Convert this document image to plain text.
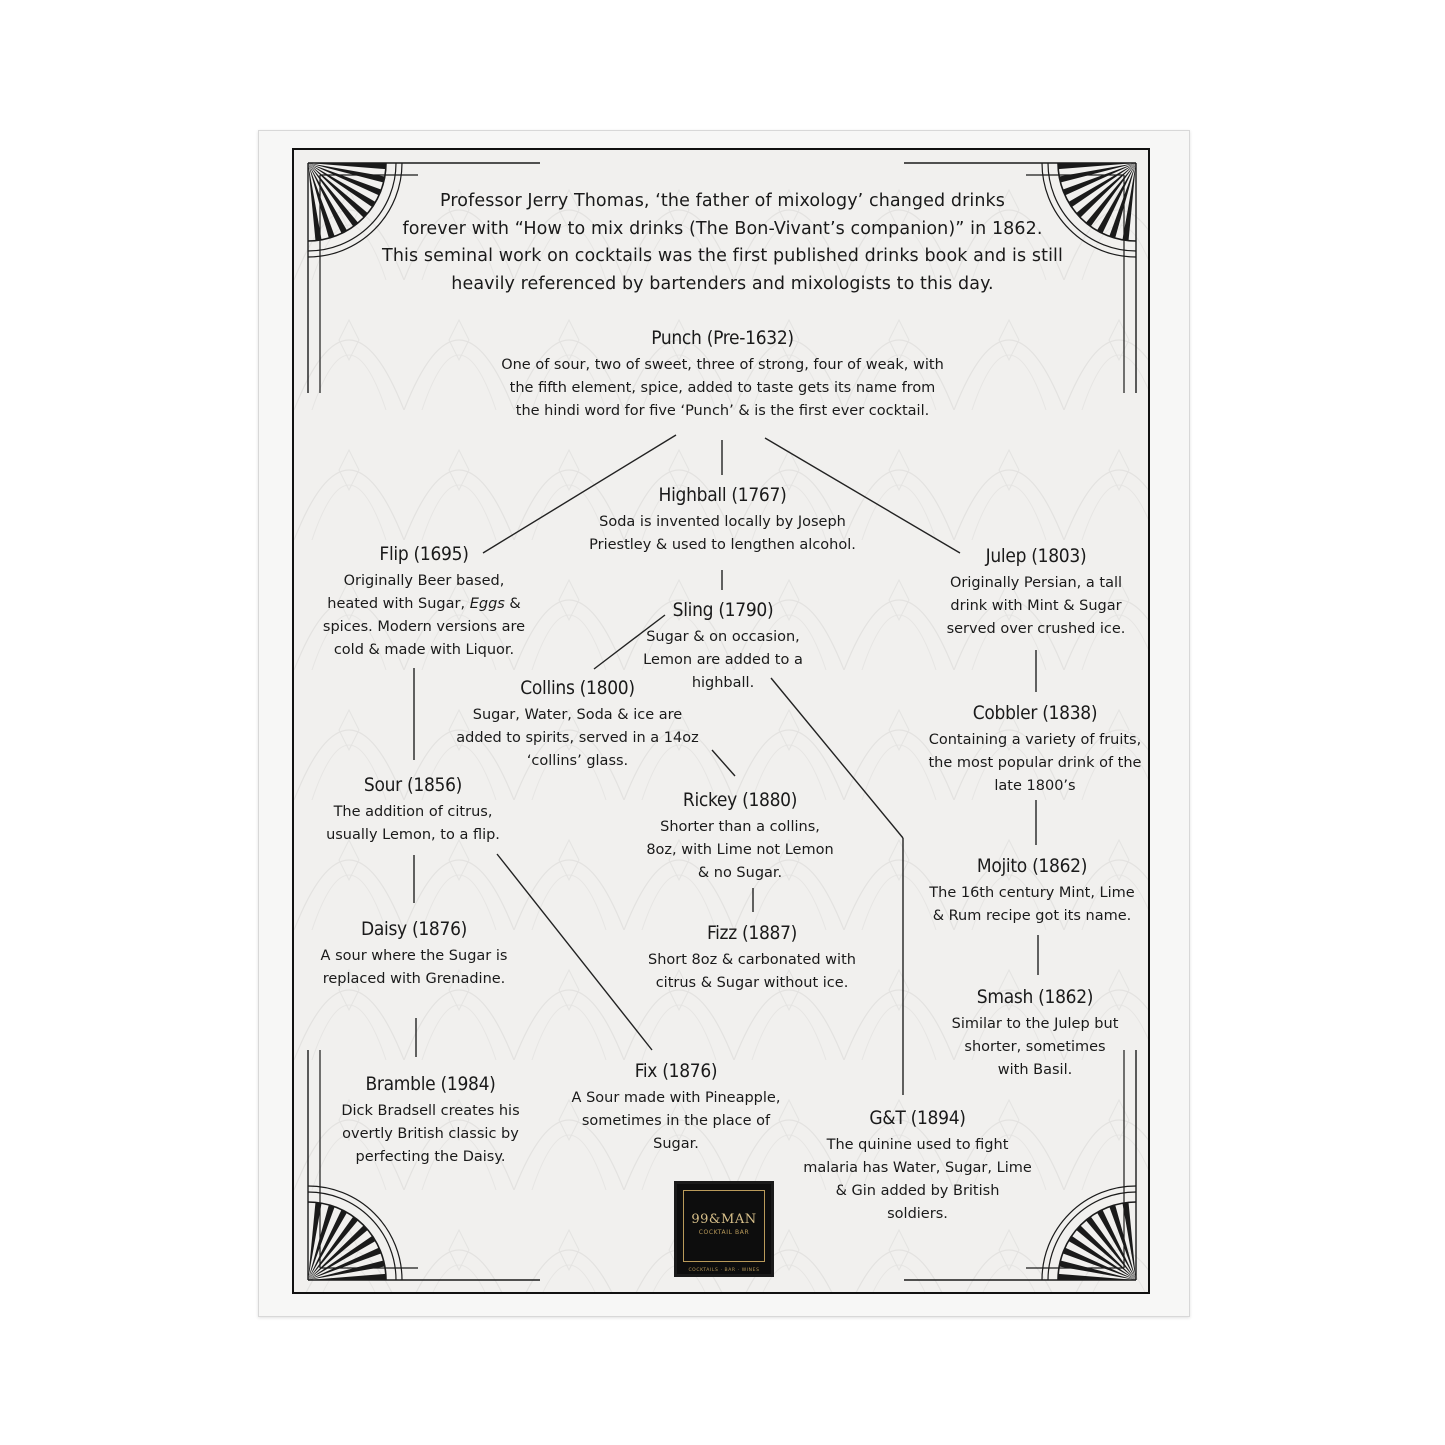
Professor Jerry Thomas, ‘the father of mixology’ changed drinks
forever with “How to mix drinks (The Bon-Vivant’s companion)” in 1862.
This seminal work on cocktails was the first published drinks book and is still
heavily referenced by bartenders and mixologists to this day.
Punch (Pre-1632)
One of sour, two of sweet, three of strong, four of weak, with
the fifth element, spice, added to taste gets its name from
the hindi word for five ‘Punch’ & is the first ever cocktail.
Highball (1767)
Soda is invented locally by Joseph
Priestley & used to lengthen alcohol.
Flip (1695)
Originally Beer based,
heated with Sugar, Eggs &
spices. Modern versions are
cold & made with Liquor.
Julep (1803)
Originally Persian, a tall
drink with Mint & Sugar
served over crushed ice.
Sling (1790)
Sugar & on occasion,
Lemon are added to a
highball.
Collins (1800)
Sugar, Water, Soda & ice are
added to spirits, served in a 14oz
‘collins’ glass.
Cobbler (1838)
Containing a variety of fruits,
the most popular drink of the
late 1800’s
Sour (1856)
The addition of citrus,
usually Lemon, to a flip.
Rickey (1880)
Shorter than a collins,
8oz, with Lime not Lemon
& no Sugar.	Mojito (1862)
The 16th century Mint, Lime
& Rum recipe got its name.
Daisy (1876)
A sour where the Sugar is
replaced with Grenadine.
Fizz (1887)
Short 8oz & carbonated with
citrus & Sugar without ice.
Smash (1862)
Similar to the Julep but
shorter, sometimes
with Basil.
Fix (1876)
A Sour made with Pineapple,
sometimes in the place of
Sugar.
Bramble (1984)
Dick Bradsell creates his
overtly British classic by
perfecting the Daisy.
G&T (1894)
The quinine used to fight
malaria has Water, Sugar, Lime
& Gin added by British
soldiers.
99&MAN
COCKTAIL BAR
COCKTAILS · BAR · WINES
